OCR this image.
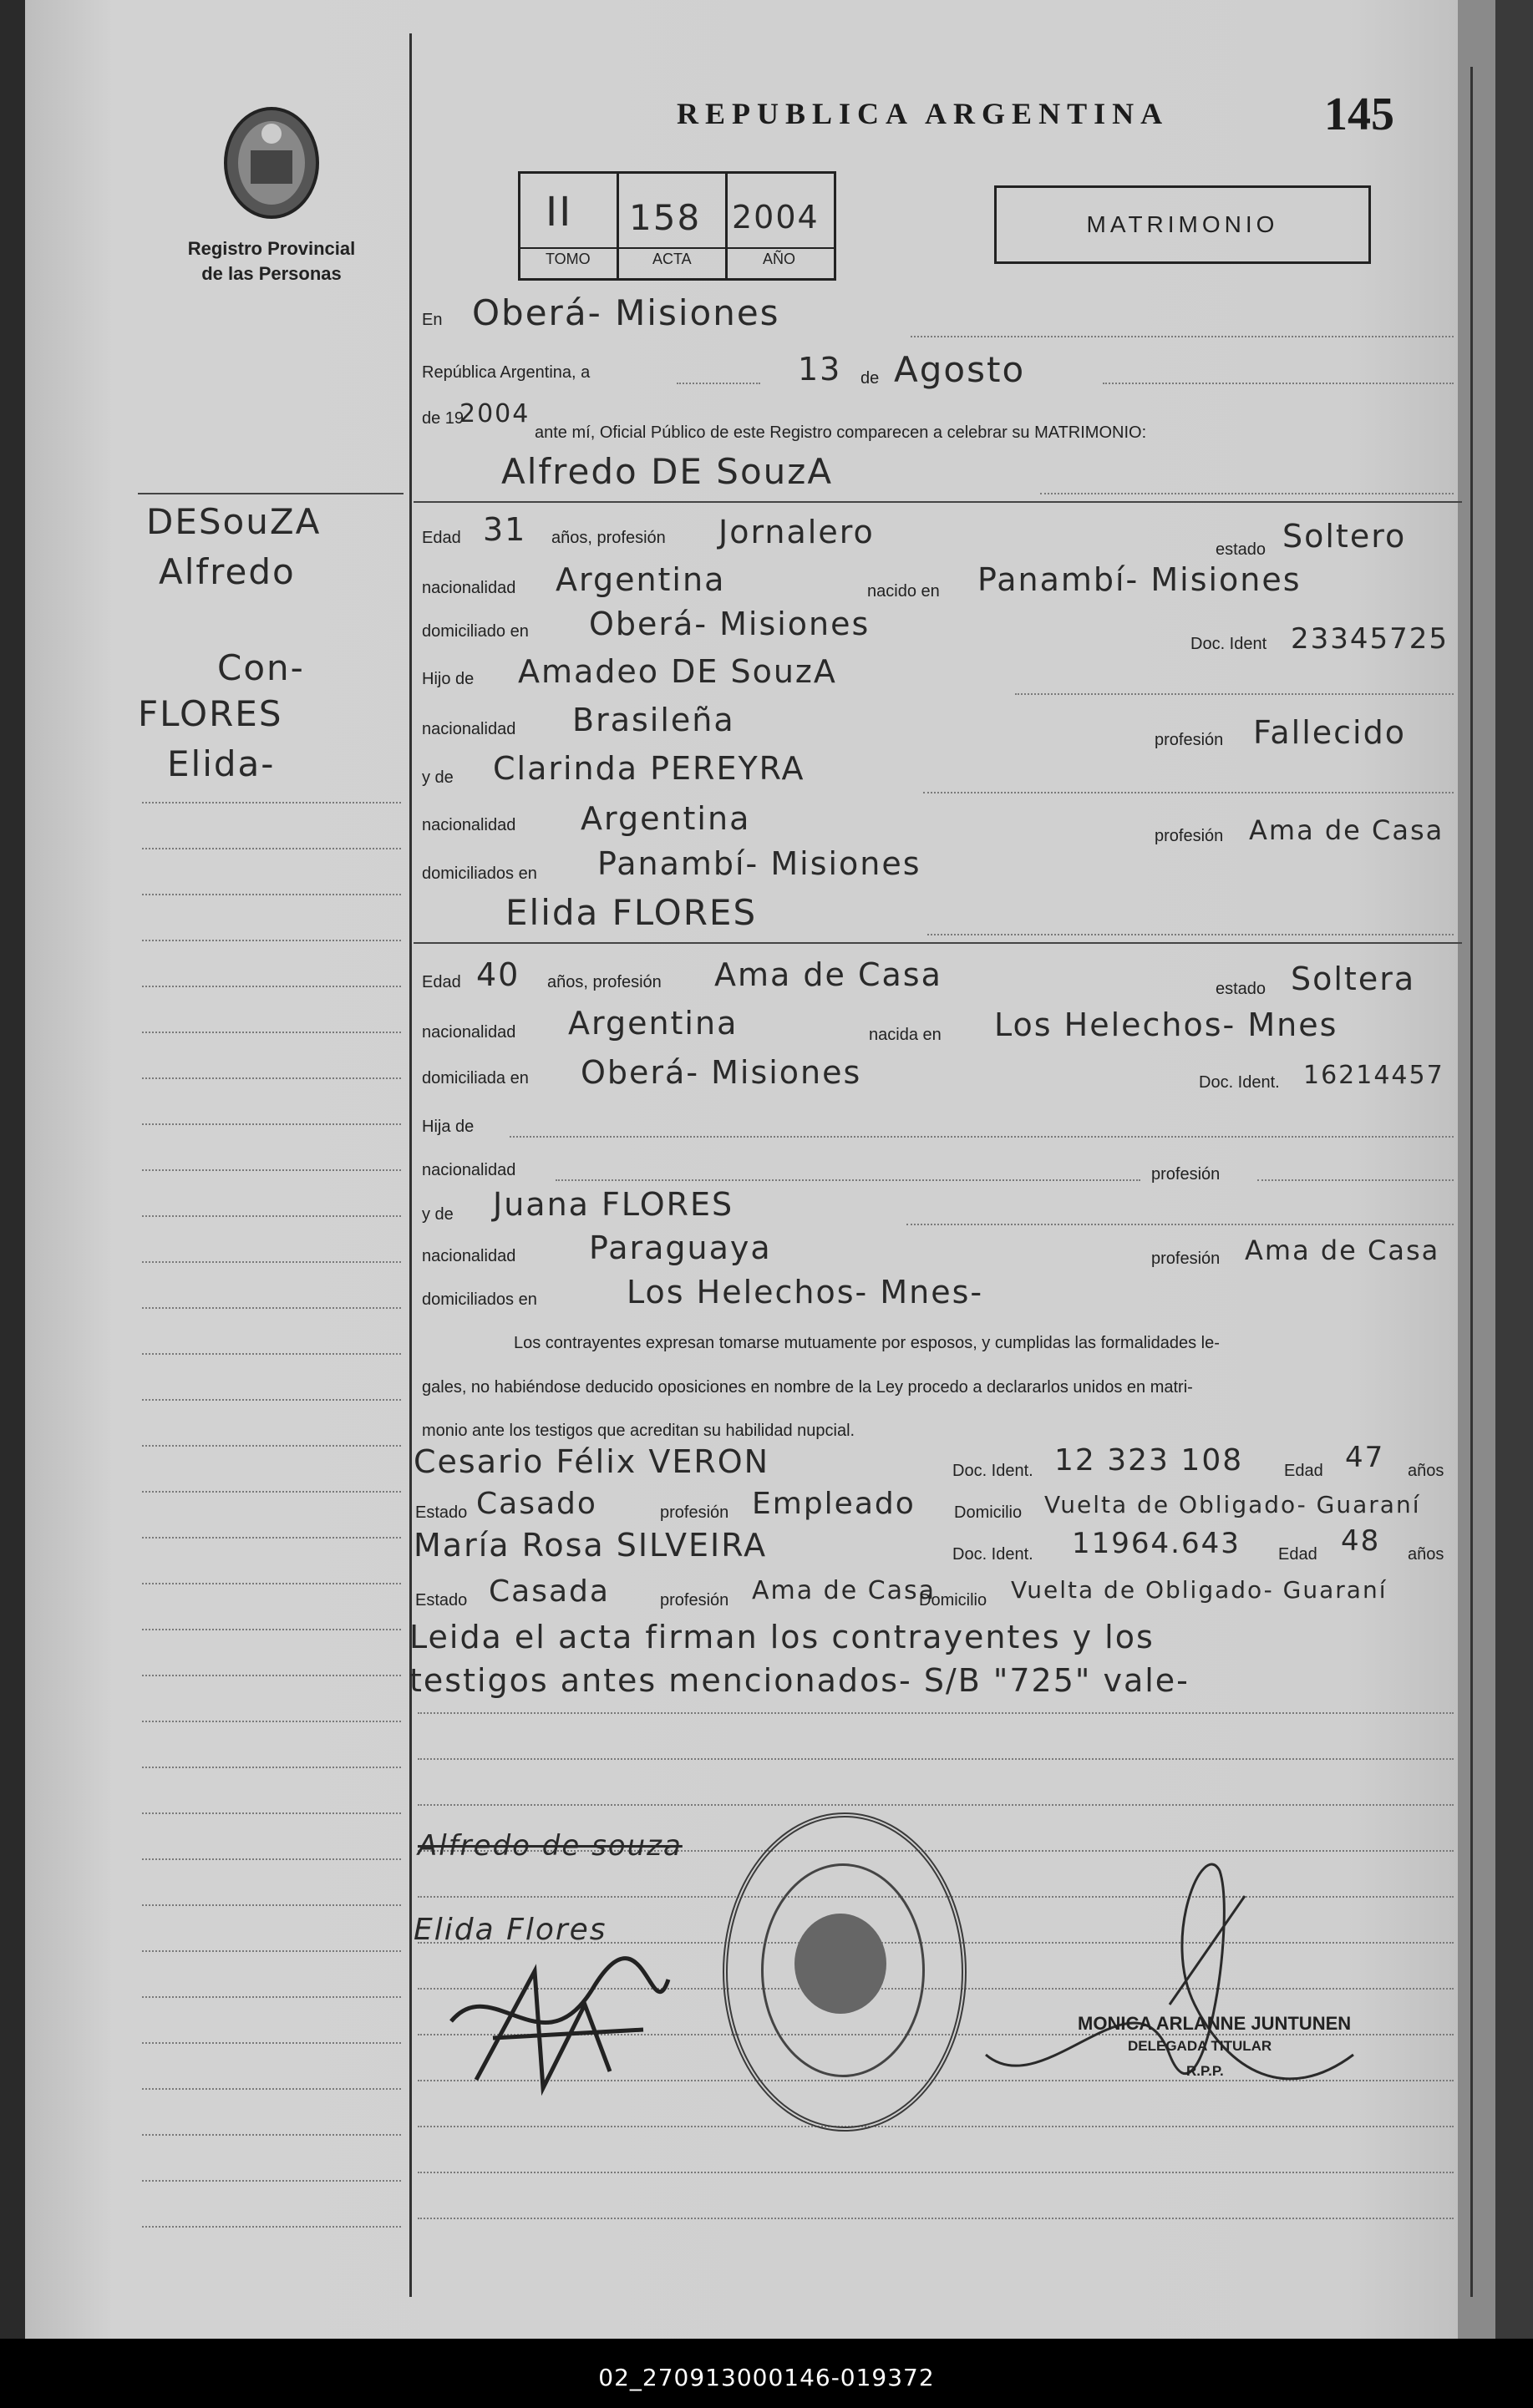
Registro Provincial
de las Personas
REPUBLICA ARGENTINA	145
II
TOMO
158
ACTA
2004
AÑO
MATRIMONIO
En Oberá- Misiones
República Argentina, a	13 de Agosto
de 19
2004
ante mí, Oficial Público de este Registro comparecen a celebrar su MATRIMONIO:
DESouZA
Alfredo
Con-
FLORES
Elida-
Alfredo DE SouzA
Edad 31 años, profesión Jornalero	estado Soltero
nacionalidad Argentina	nacido en Panambí- Misiones
domiciliado en Oberá- Misiones
Doc. Ident 23345725
Hijo de Amadeo DE SouzA
nacionalidad Brasileña
profesión Fallecido
y de Clarinda PEREYRA
nacionalidad Argentina	profesión Ama de Casa
domiciliados en Panambí- Misiones
Elida FLORES
Edad 40 años, profesión Ama de Casa	estado Soltera
nacionalidad Argentina	nacida en Los Helechos- Mnes
domiciliada en Oberá- Misiones	Doc. Ident. 16214457
Hija de
nacionalidad	profesión
y de Juana FLORES
nacionalidad Paraguaya	profesión Ama de Casa
domiciliados en	Los Helechos- Mnes-
Los contrayentes expresan tomarse mutuamente por esposos, y cumplidas las formalidades le-
gales, no habiéndose deducido oposiciones en nombre de la Ley procedo a declararlos unidos en matri-
monio ante los testigos que acreditan su habilidad nupcial.
Cesario Félix VERON	Doc. Ident. 12 323 108 Edad 47 años
Estado Casado	profesión Empleado Domicilio Vuelta de Obligado- Guaraní
María Rosa SILVEIRA	Doc. Ident. 11964.643 Edad 48 años
Estado Casada	profesión Ama de Casa
Domicilio Vuelta de Obligado- Guaraní
Leida el acta firman los contrayentes y los
testigos antes mencionados- S/B "725" vale-
Alfredo de souza
Elida Flores
MONICA ARLANNE JUNTUNEN
DELEGADA TITULAR
R.P.P.
02_270913000146-019372
